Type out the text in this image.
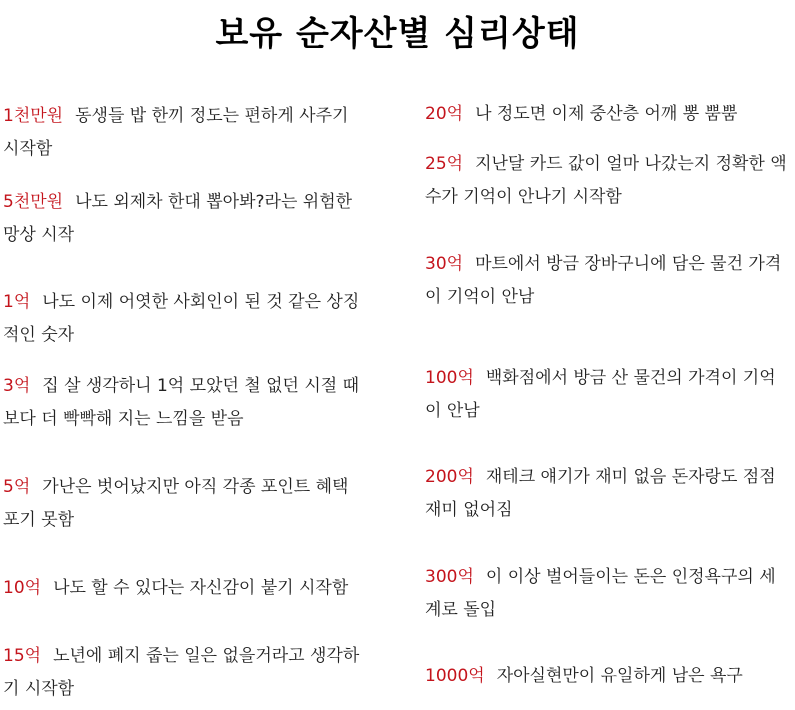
보유 순자산별 심리상태
1천만원 동생들 밥 한끼 정도는 편하게 사주기
시작함
5천만원 나도 외제차 한대 뽑아봐?라는 위험한
망상 시작
1억 나도 이제 어엿한 사회인이 된 것 같은 상징
적인 숫자
3억 집 살 생각하니 1억 모았던 철 없던 시절 때
보다 더 빡빡해 지는 느낌을 받음
5억 가난은 벗어났지만 아직 각종 포인트 혜택
포기 못함
10억 나도 할 수 있다는 자신감이 붙기 시작함
15억 노년에 폐지 줍는 일은 없을거라고 생각하
기 시작함
20억 나 정도면 이제 중산층 어깨 뽕 뿜뿜
25억 지난달 카드 값이 얼마 나갔는지 정확한 액
수가 기억이 안나기 시작함
30억 마트에서 방금 장바구니에 담은 물건 가격
이 기억이 안남
100억 백화점에서 방금 산 물건의 가격이 기억
이 안남
200억 재테크 얘기가 재미 없음 돈자랑도 점점
재미 없어짐
300억 이 이상 벌어들이는 돈은 인정욕구의 세
계로 돌입
1000억 자아실현만이 유일하게 남은 욕구
